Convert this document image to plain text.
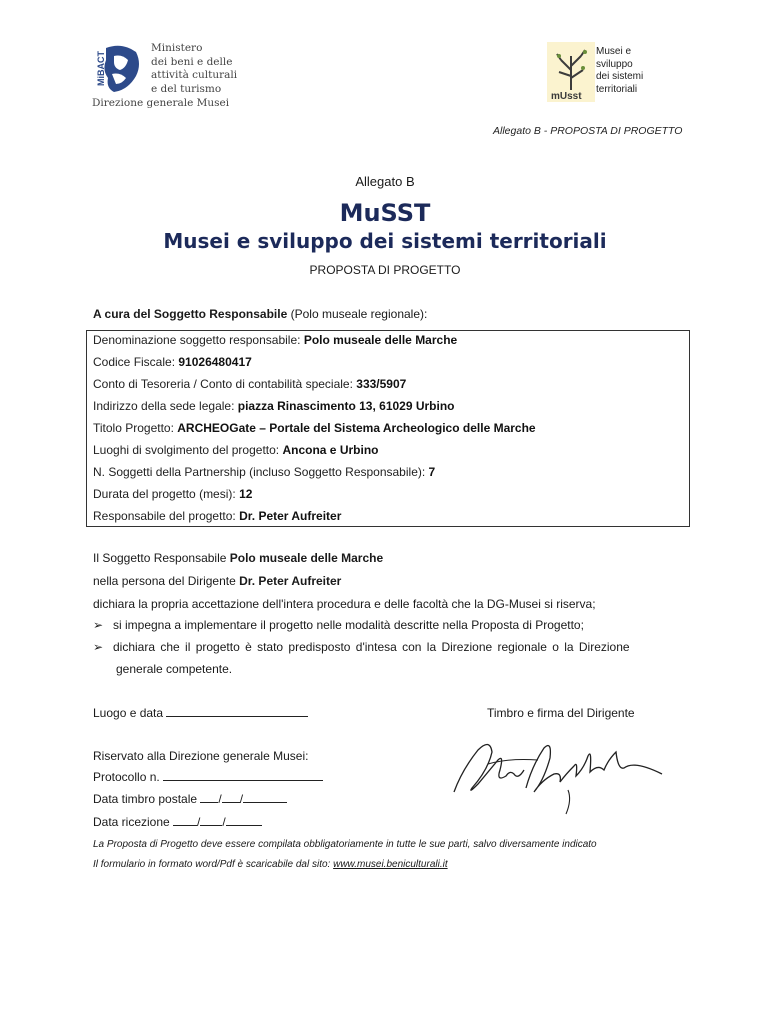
MiBACT
Ministero
dei beni e delle
attività culturali
e del turismo
Direzione generale Musei
mUsst
Musei e
sviluppo
dei sistemi
territoriali
Allegato B - PROPOSTA DI PROGETTO
Allegato B
MuSST
Musei e sviluppo dei sistemi territoriali
PROPOSTA DI PROGETTO
A cura del Soggetto Responsabile (Polo museale regionale):
Denominazione soggetto responsabile: Polo museale delle Marche
Codice Fiscale: 91026480417
Conto di Tesoreria / Conto di contabilità speciale: 333/5907
Indirizzo della sede legale: piazza Rinascimento 13, 61029 Urbino
Titolo Progetto: ARCHEOGate – Portale del Sistema Archeologico delle Marche
Luoghi di svolgimento del progetto: Ancona e Urbino
N. Soggetti della Partnership (incluso Soggetto Responsabile): 7
Durata del progetto (mesi): 12
Responsabile del progetto: Dr. Peter Aufreiter
Il Soggetto Responsabile Polo museale delle Marche
nella persona del Dirigente Dr. Peter Aufreiter
dichiara la propria accettazione dell'intera procedura e delle facoltà che la DG-Musei si riserva;
➢ si impegna a implementare il progetto nelle modalità descritte nella Proposta di Progetto;
➢ dichiara che il progetto è stato predisposto d'intesa con la Direzione regionale o la Direzione
generale competente.
Luogo e data	Timbro e firma del Dirigente
Riservato alla Direzione generale Musei:
Protocollo n.
Data timbro postale / /
Data ricezione / /
La Proposta di Progetto deve essere compilata obbligatoriamente in tutte le sue parti, salvo diversamente indicato
Il formulario in formato word/Pdf è scaricabile dal sito: www.musei.beniculturali.it
